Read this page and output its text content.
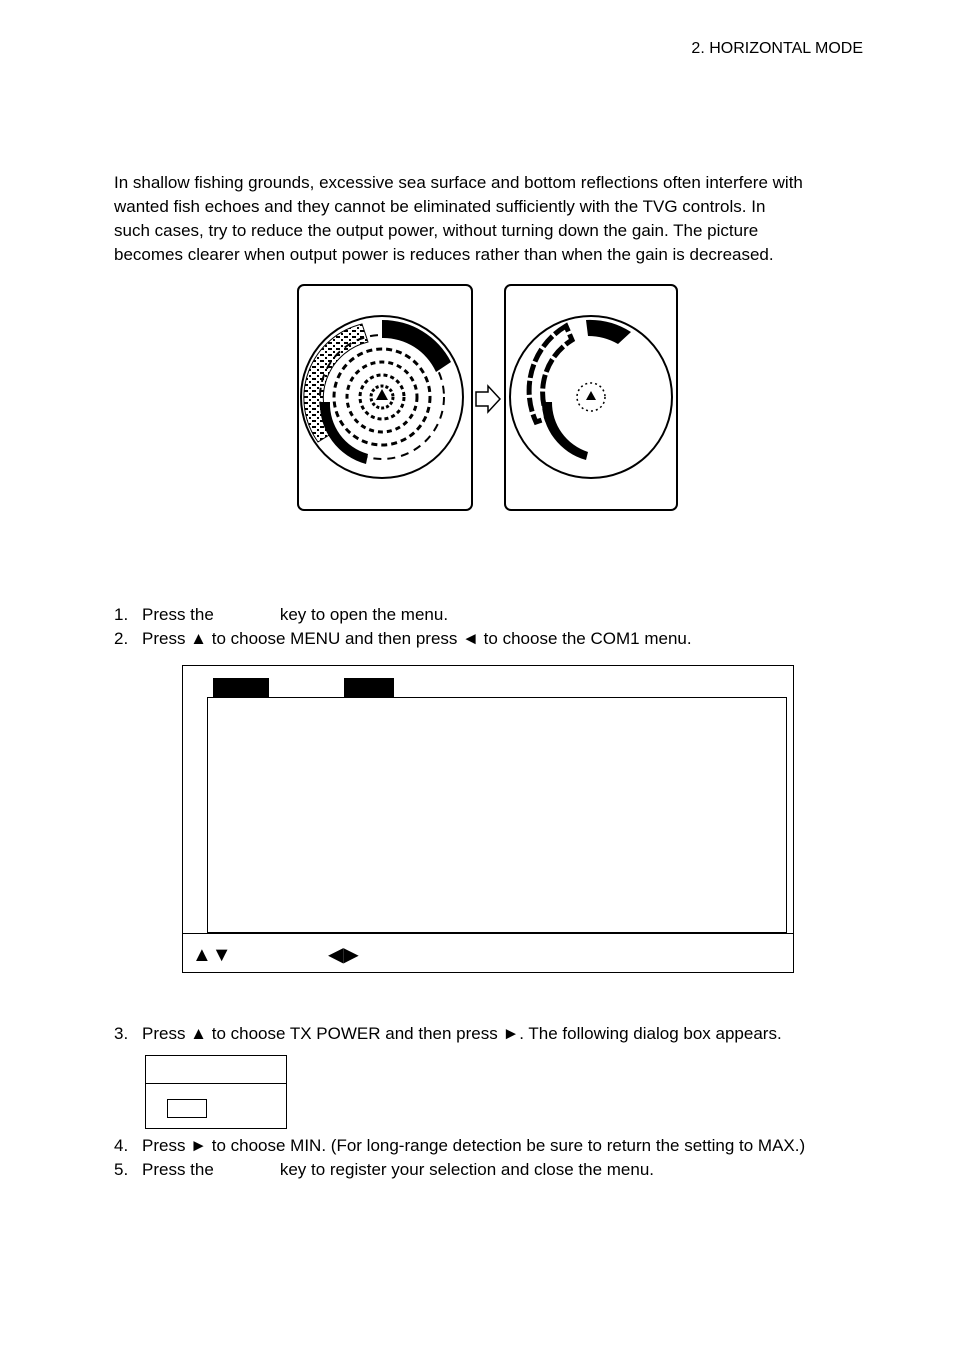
2. HORIZONTAL MODE
In shallow fishing grounds, excessive sea surface and bottom reflections often interfere with
wanted fish echoes and they cannot be eliminated sufficiently with the TVG controls. In
such cases, try to reduce the output power, without turning down the gain. The picture
becomes clearer when output power is reduces rather than when the gain is decreased.
1. Press the	key to open the menu.
2. Press ▲ to choose MENU and then press ◄ to choose the COM1 menu.
▲▼	◀▶
3. Press ▲ to choose TX POWER and then press ►. The following dialog box appears.
4. Press ► to choose MIN. (For long-range detection be sure to return the setting to MAX.)
5. Press the	key to register your selection and close the menu.
